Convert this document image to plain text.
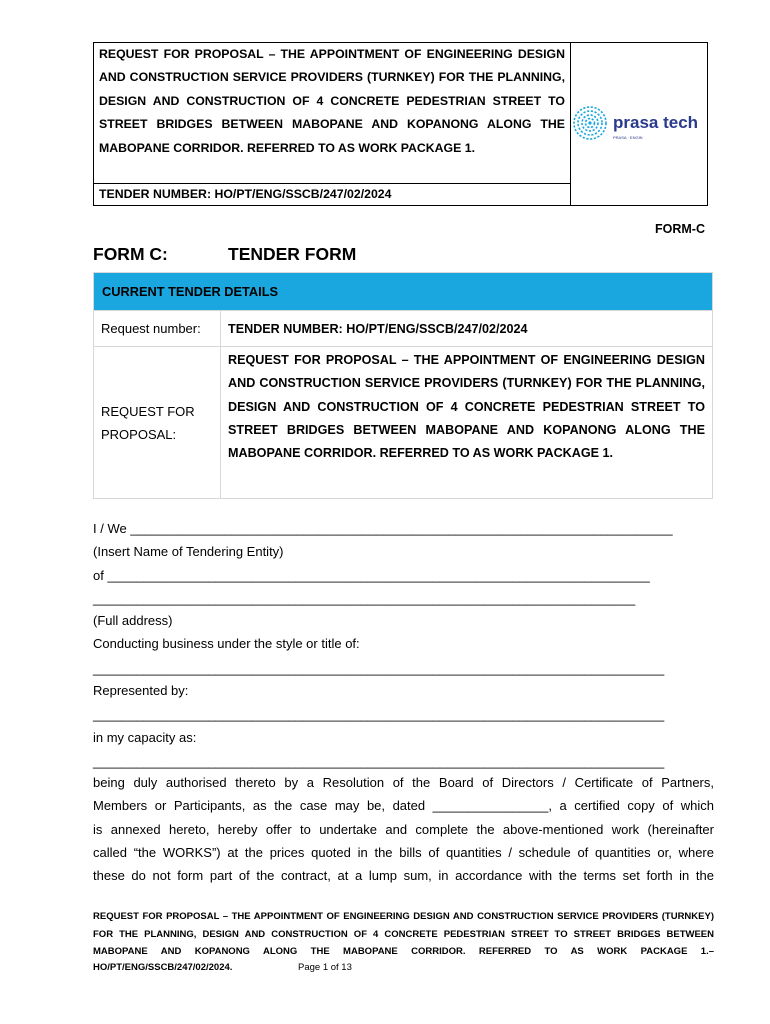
REQUEST FOR PROPOSAL – THE APPOINTMENT OF ENGINEERING DESIGN AND CONSTRUCTION SERVICE PROVIDERS (TURNKEY) FOR THE PLANNING, DESIGN AND CONSTRUCTION OF 4 CONCRETE PEDESTRIAN STREET TO STREET BRIDGES BETWEEN MABOPANE AND KOPANONG ALONG THE MABOPANE CORRIDOR. REFERRED TO AS WORK PACKAGE 1.
prasa tech
PRASA · ENGIN
TENDER NUMBER: HO/PT/ENG/SSCB/247/02/2024
FORM-C
FORM C:	TENDER FORM
CURRENT TENDER DETAILS	
Request number:	TENDER NUMBER: HO/PT/ENG/SSCB/247/02/2024
REQUEST FOR PROPOSAL:	REQUEST FOR PROPOSAL – THE APPOINTMENT OF ENGINEERING DESIGN AND CONSTRUCTION SERVICE PROVIDERS (TURNKEY) FOR THE PLANNING, DESIGN AND CONSTRUCTION OF 4 CONCRETE PEDESTRIAN STREET TO STREET BRIDGES BETWEEN MABOPANE AND KOPANONG ALONG THE MABOPANE CORRIDOR. REFERRED TO AS WORK PACKAGE 1.
I / We ___________________________________________________________________________
(Insert Name of Tendering Entity)
of ___________________________________________________________________________
___________________________________________________________________________
(Full address)
Conducting business under the style or title of:
_______________________________________________________________________________
Represented by:
_______________________________________________________________________________
in my capacity as:
_______________________________________________________________________________
being duly authorised thereto by a Resolution of the Board of Directors / Certificate of Partners,
Members or Participants, as the case may be, dated ________________, a certified copy of which
is annexed hereto, hereby offer to undertake and complete the above-mentioned work (hereinafter
called “the WORKS”) at the prices quoted in the bills of quantities / schedule of quantities or, where
these do not form part of the contract, at a lump sum, in accordance with the terms set forth in the
REQUEST FOR PROPOSAL – THE APPOINTMENT OF ENGINEERING DESIGN AND CONSTRUCTION SERVICE PROVIDERS (TURNKEY) FOR THE PLANNING, DESIGN AND CONSTRUCTION OF 4 CONCRETE PEDESTRIAN STREET TO STREET BRIDGES BETWEEN MABOPANE AND KOPANONG ALONG THE MABOPANE CORRIDOR. REFERRED TO AS WORK PACKAGE 1.–
HO/PT/ENG/SSCB/247/02/2024.	Page 1 of 13
